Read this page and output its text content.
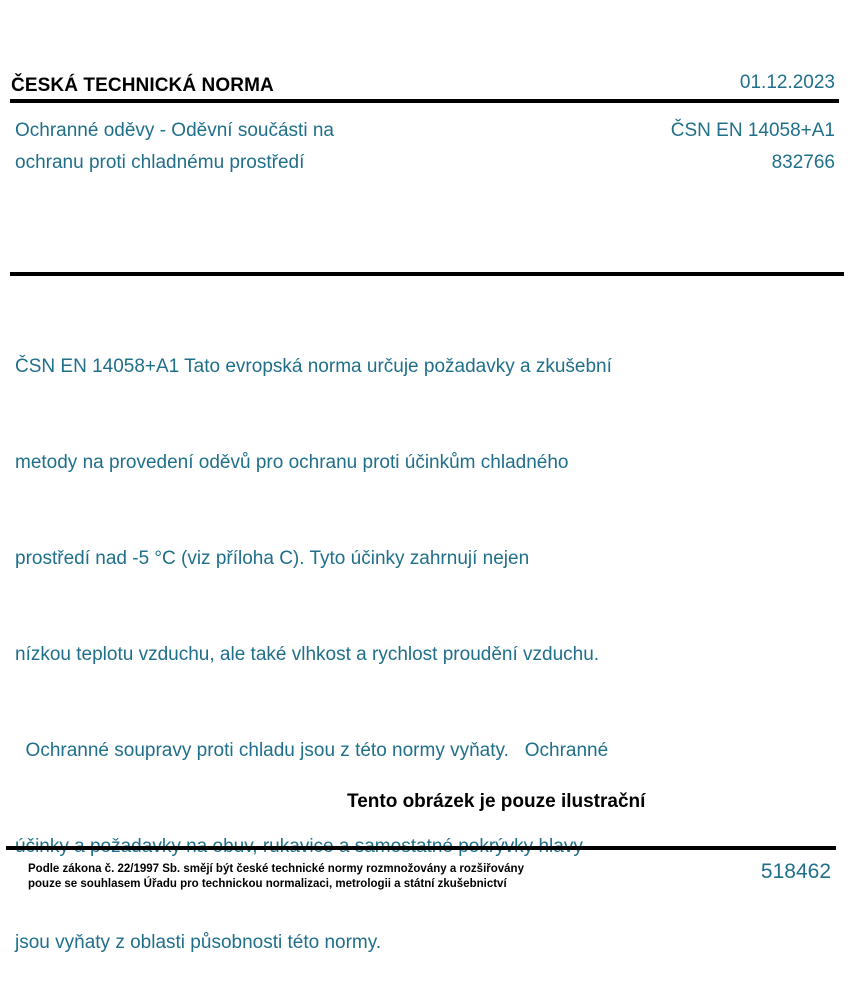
ČESKÁ TECHNICKÁ NORMA	01.12.2023
Ochranné oděvy - Oděvní součásti na
ochranu proti chladnému prostředí
ČSN EN 14058+A1
832766

ČSN EN 14058+A1 Tato evropská norma určuje požadavky a zkušební

metody na provedení oděvů pro ochranu proti účinkům chladného

prostředí nad -5 °C (viz příloha C). Tyto účinky zahrnují nejen

nízkou teplotu vzduchu, ale také vlhkost a rychlost proudění vzduchu.

Ochranné soupravy proti chladu jsou z této normy vyňaty.   Ochranné

jsou vyňaty z oblasti působnosti této normy.

Tento obrázek je pouze ilustrační
Podle zákona č. 22/1997 Sb. smějí být české technické normy rozmnožovány a rozšiřovány
pouze se souhlasem Úřadu pro technickou normalizaci, metrologii a státní zkušebnictví
518462
